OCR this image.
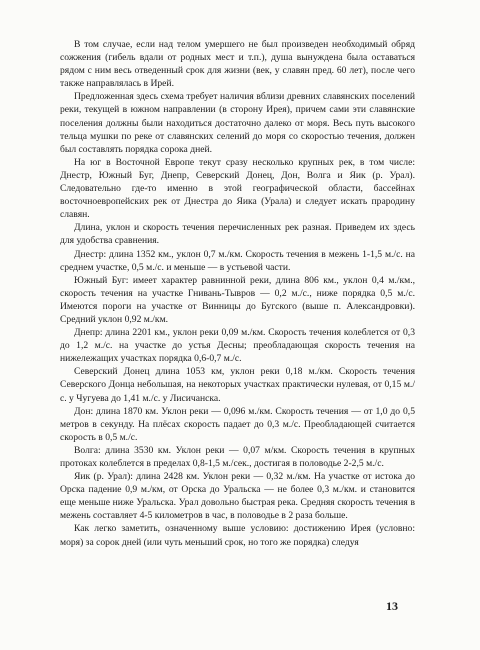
В том случае, если над телом умершего не был произведен необходимый обряд сожжения (гибель вдали от родных мест и т.п.), душа вынуждена была оставаться рядом с ним весь отведенный срок для жизни (век, у славян пред. 60 лет), после чего также направлялась в Ирей.

Предложенная здесь схема требует наличия вблизи древних славянских поселений реки, текущей в южном направлении (в сторону Ирея), причем сами эти славянские поселения должны были находиться достаточно далеко от моря. Весь путь высокого тельца мушки по реке от славянских селений до моря со скоростью течения, должен был составлять порядка сорока дней.

На юг в Восточной Европе текут сразу несколько крупных рек, в том числе: Днестр, Южный Буг, Днепр, Северский Донец, Дон, Волга и Яик (р. Урал). Следовательно где-то именно в этой географической области, бассейнах восточноевропейских рек от Днестра до Яика (Урала) и следует искать прародину славян.

Длина, уклон и скорость течения перечисленных рек разная. Приведем их здесь для удобства сравнения.

Днестр: длина 1352 км., уклон 0,7 м./км. Скорость течения в межень 1-1,5 м./с. на среднем участке, 0,5 м./с. и меньше — в устьевой части.

Южный Буг: имеет характер равнинной реки, длина 806 км., уклон 0,4 м./км., скорость течения на участке Гнивань-Тывров — 0,2 м./с., ниже порядка 0,5 м./с. Имеются пороги на участке от Винницы до Бугского (выше п. Александровки). Средний уклон 0,92 м./км.

Днепр: длина 2201 км., уклон реки 0,09 м./км. Скорость течения колеблется от 0,3 до 1,2 м./с. на участке до устья Десны; преобладающая скорость течения на нижележащих участках порядка 0,6-0,7 м./с.

Северский Донец длина 1053 км, уклон реки 0,18 м./км. Скорость течения Северского Донца небольшая, на некоторых участках практически нулевая, от 0,15 м./с. у Чугуева до 1,41 м./с. у Лисичанска.

Дон: длина 1870 км. Уклон реки — 0,096 м./км. Скорость течения — от 1,0 до 0,5 метров в секунду. На плёсах скорость падает до 0,3 м./с. Преобладающей считается скорость в 0,5 м./с.

Волга: длина 3530 км. Уклон реки — 0,07 м/км. Скорость течения в крупных протоках колеблется в пределах 0,8-1,5 м./сек., достигая в половодье 2-2,5 м./с.

Яик (р. Урал): длина 2428 км. Уклон реки — 0,32 м./км. На участке от истока до Орска падение 0,9 м./км, от Орска до Уральска — не более 0,3 м./км. и становится еще меньше ниже Уральска. Урал довольно быстрая река. Средняя скорость течения в межень составляет 4-5 километров в час, в половодье в 2 раза больше.

Как легко заметить, означенному выше условию: достижению Ирея (условно: моря) за сорок дней (или чуть меньший срок, но того же порядка) следуя

13
